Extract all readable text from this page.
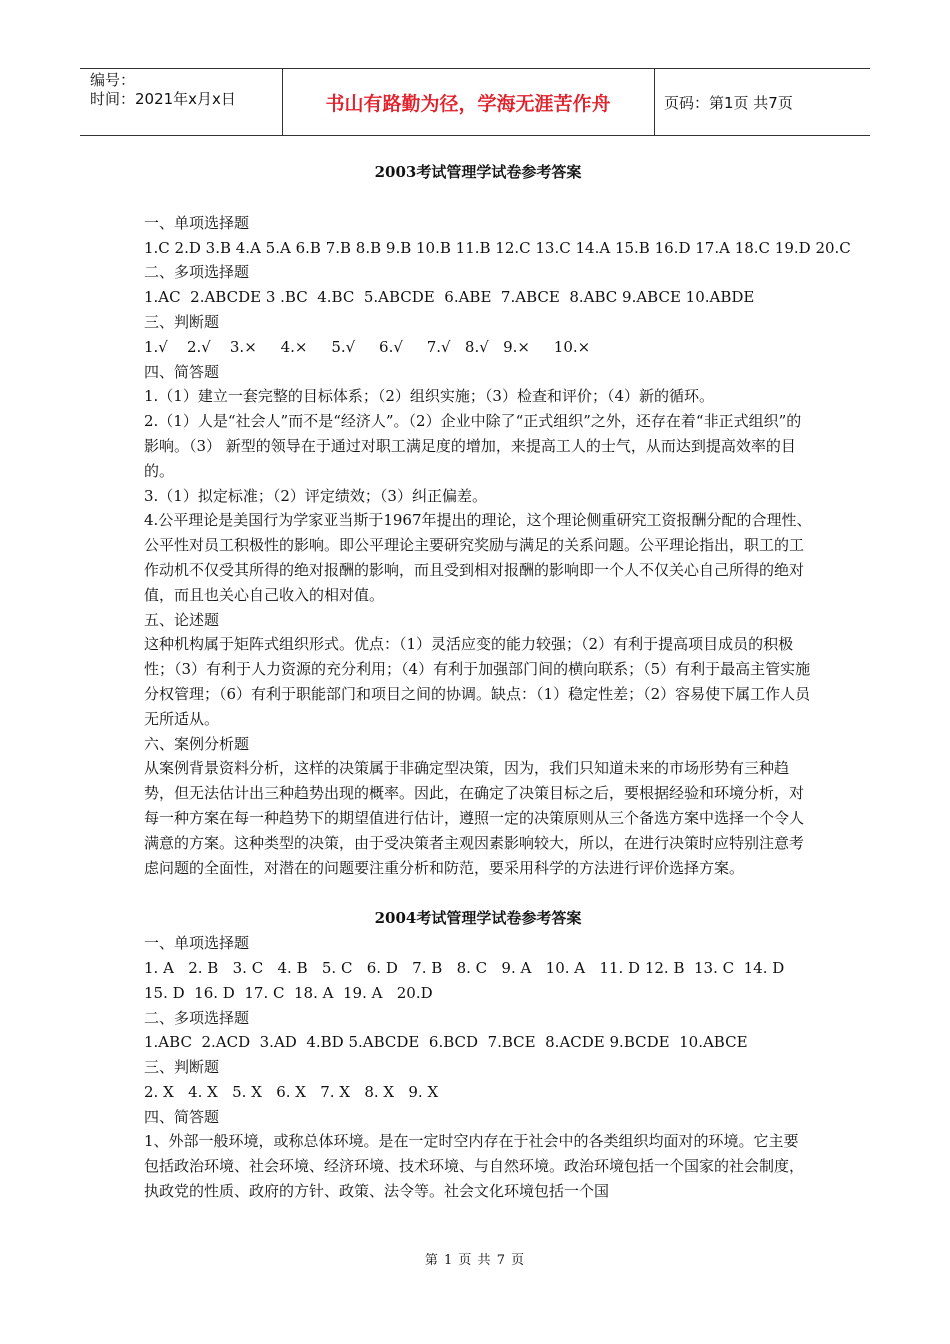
编号：
时间：2021年x月x日	书山有路勤为径，学海无涯苦作舟	页码：第1页 共7页

2003考试管理学试卷参考答案

一、单项选择题

1.C 2.D 3.B 4.A 5.A 6.B 7.B 8.B 9.B 10.B 11.B 12.C 13.C 14.A 15.B 16.D 17.A 18.C 19.D 20.C

二、多项选择题

1.AC  2.ABCDE 3 .BC  4.BC  5.ABCDE  6.ABE  7.ABCE  8.ABC 9.ABCE 10.ABDE

三、判断题

1.√    2.√    3.×     4.×     5.√     6.√     7.√   8.√   9.×     10.×

四、简答题

1.（1）建立一套完整的目标体系；（2）组织实施；（3）检查和评价；（4）新的循环。

2.（1）人是“社会人”而不是“经济人”。（2）企业中除了“正式组织”之外，还存在着“非正式组织”的影响。（3） 新型的领导在于通过对职工满足度的增加，来提高工人的士气，从而达到提高效率的目的。

3.（1）拟定标准；（2）评定绩效；（3）纠正偏差。

4.公平理论是美国行为学家亚当斯于1967年提出的理论，这个理论侧重研究工资报酬分配的合理性、公平性对员工积极性的影响。即公平理论主要研究奖励与满足的关系问题。公平理论指出，职工的工作动机不仅受其所得的绝对报酬的影响，而且受到相对报酬的影响即一个人不仅关心自己所得的绝对值，而且也关心自己收入的相对值。

五、论述题

这种机构属于矩阵式组织形式。优点：（1）灵活应变的能力较强；（2）有利于提高项目成员的积极性；（3）有利于人力资源的充分利用；（4）有利于加强部门间的横向联系；（5）有利于最高主管实施分权管理；（6）有利于职能部门和项目之间的协调。缺点：（1）稳定性差；（2）容易使下属工作人员无所适从。

六、案例分析题

从案例背景资料分析，这样的决策属于非确定型决策，因为，我们只知道未来的市场形势有三种趋势，但无法估计出三种趋势出现的概率。因此，在确定了决策目标之后，要根据经验和环境分析，对每一种方案在每一种趋势下的期望值进行估计，遵照一定的决策原则从三个备选方案中选择一个令人满意的方案。这种类型的决策，由于受决策者主观因素影响较大，所以，在进行决策时应特别注意考虑问题的全面性，对潜在的问题要注重分析和防范，要采用科学的方法进行评价选择方案。

2004考试管理学试卷参考答案

一、单项选择题

1. A   2. B   3. C   4. B   5. C   6. D   7. B   8. C   9. A   10. A   11. D 12. B  13. C  14. D  15. D  16. D  17. C  18. A  19. A   20.D

二、多项选择题

1.ABC  2.ACD  3.AD  4.BD 5.ABCDE  6.BCD  7.BCE  8.ACDE 9.BCDE  10.ABCE

三、判断题

2. X   4. X   5. X   6. X   7. X   8. X   9. X

四、简答题

1、外部一般环境，或称总体环境。是在一定时空内存在于社会中的各类组织均面对的环境。它主要包括政治环境、社会环境、经济环境、技术环境、与自然环境。政治环境包括一个国家的社会制度，执政党的性质、政府的方针、政策、法令等。社会文化环境包括一个国

第 1 页 共 7 页
